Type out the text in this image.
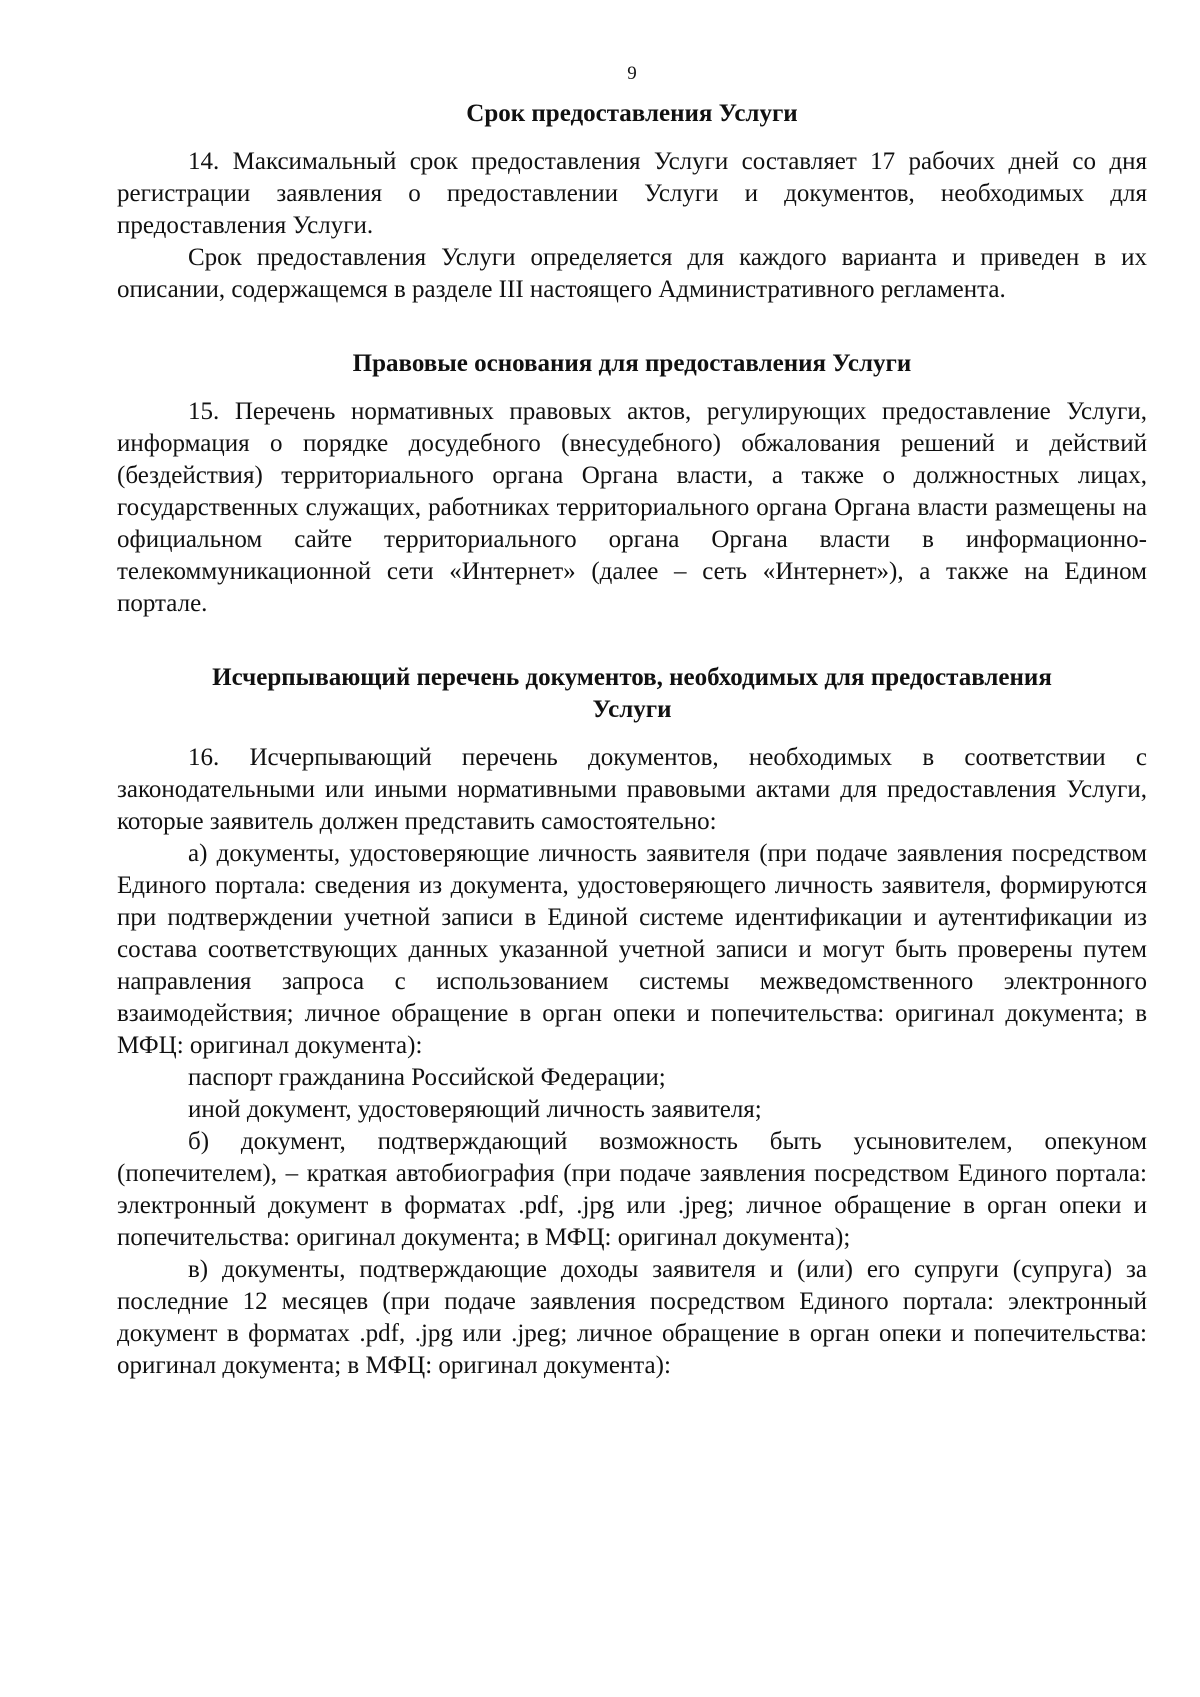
9
Срок предоставления Услуги

14. Максимальный срок предоставления Услуги составляет 17 рабочих дней со дня регистрации заявления о предоставлении Услуги и документов, необходимых для предоставления Услуги.

Срок предоставления Услуги определяется для каждого варианта и приведен в их описании, содержащемся в разделе III настоящего Административного регламента.

Правовые основания для предоставления Услуги

15. Перечень нормативных правовых актов, регулирующих предоставление Услуги, информация о порядке досудебного (внесудебного) обжалования решений и действий (бездействия) территориального органа Органа власти, а также о должностных лицах, государственных служащих, работниках территориального органа Органа власти размещены на официальном сайте территориального органа Органа власти в информационно-телекоммуникационной сети «Интернет» (далее – сеть «Интернет»), а также на Едином портале.

Исчерпывающий перечень документов, необходимых для предоставления
Услуги

16. Исчерпывающий перечень документов, необходимых в соответствии с законодательными или иными нормативными правовыми актами для предоставления Услуги, которые заявитель должен представить самостоятельно:

а) документы, удостоверяющие личность заявителя (при подаче заявления посредством Единого портала: сведения из документа, удостоверяющего личность заявителя, формируются при подтверждении учетной записи в Единой системе идентификации и аутентификации из состава соответствующих данных указанной учетной записи и могут быть проверены путем направления запроса с использованием системы межведомственного электронного взаимодействия; личное обращение в орган опеки и попечительства: оригинал документа; в МФЦ: оригинал документа):

паспорт гражданина Российской Федерации;

иной документ, удостоверяющий личность заявителя;

б) документ, подтверждающий возможность быть усыновителем, опекуном (попечителем), – краткая автобиография (при подаче заявления посредством Единого портала: электронный документ в форматах .pdf, .jpg или .jpeg; личное обращение в орган опеки и попечительства: оригинал документа; в МФЦ: оригинал документа);

в) документы, подтверждающие доходы заявителя и (или) его супруги (супруга) за последние 12 месяцев (при подаче заявления посредством Единого портала: электронный документ в форматах .pdf, .jpg или .jpeg; личное обращение в орган опеки и попечительства: оригинал документа; в МФЦ: оригинал документа):
